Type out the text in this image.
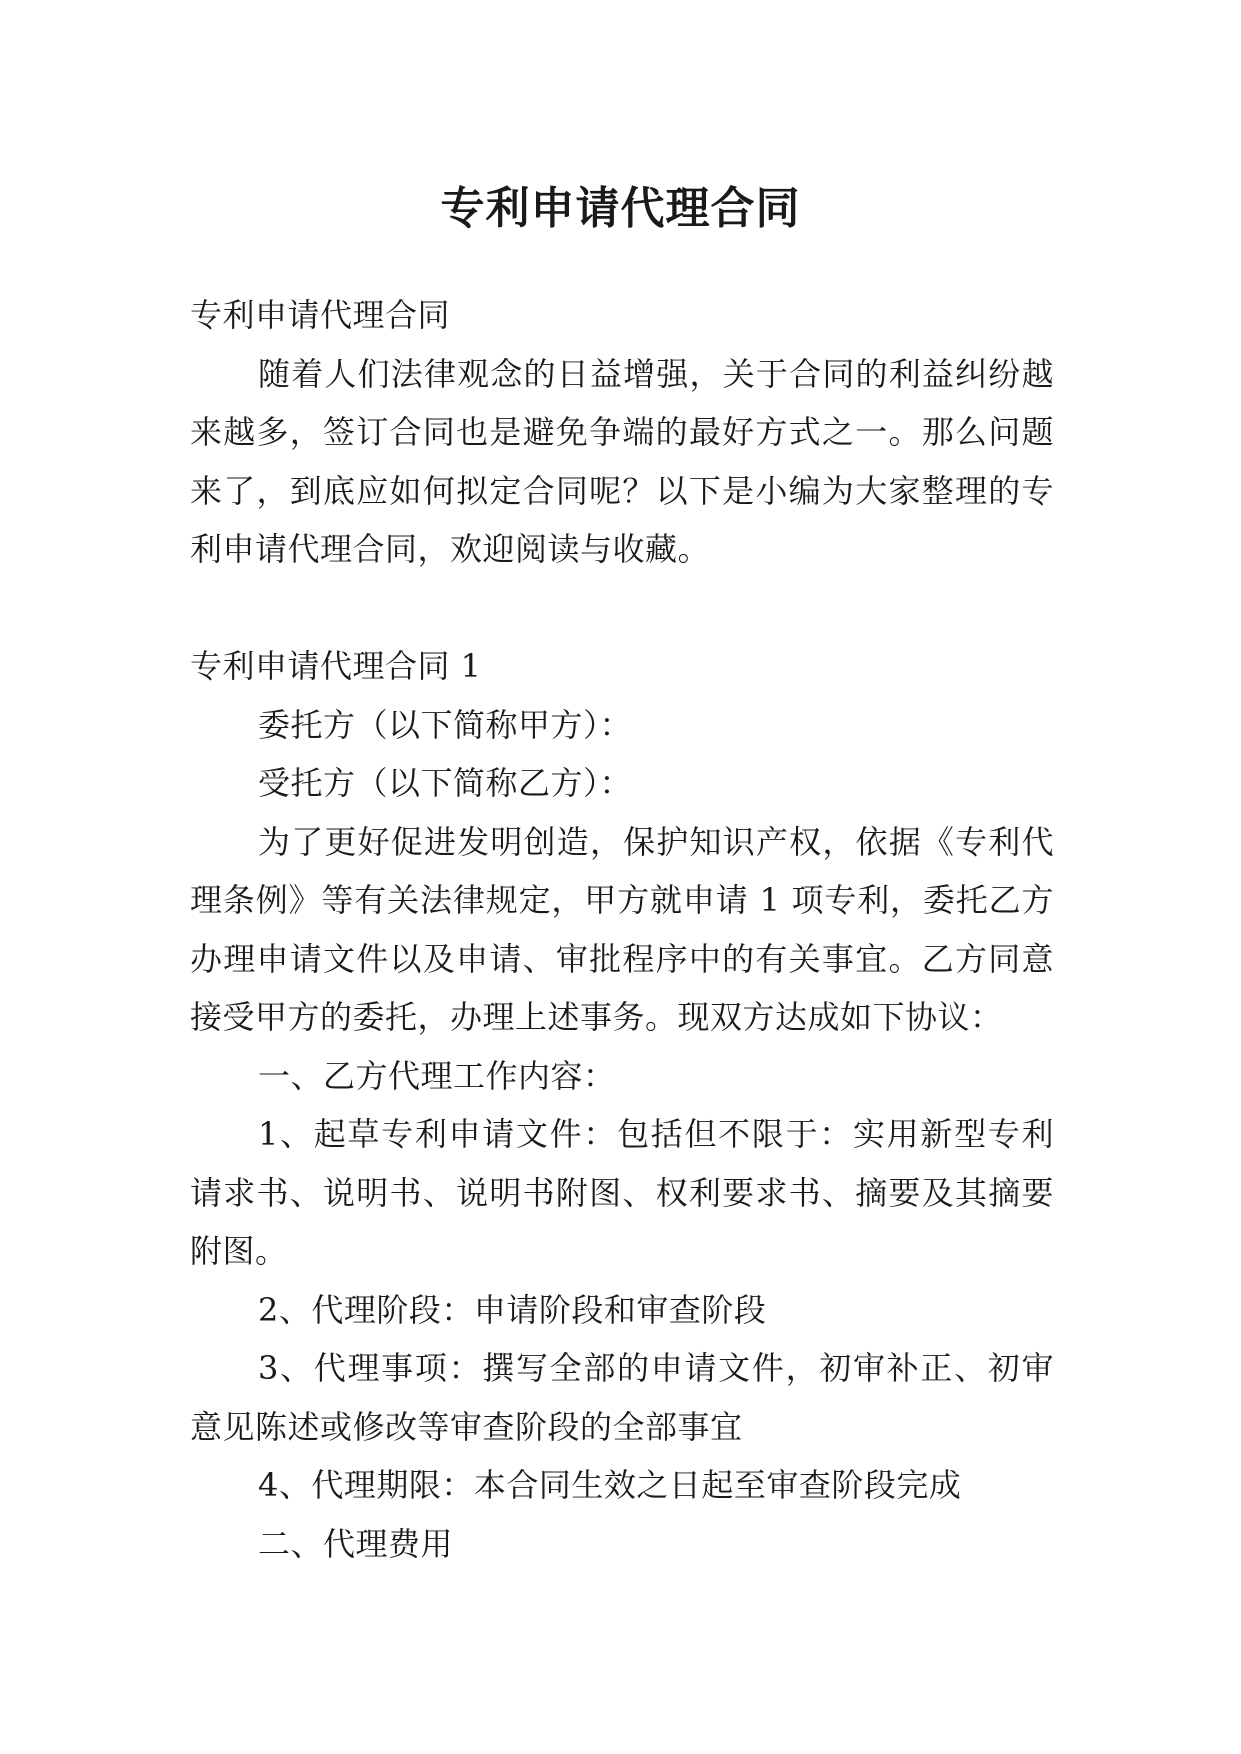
专利申请代理合同

专利申请代理合同

随着人们法律观念的日益增强，关于合同的利益纠纷越来越多，签订合同也是避免争端的最好方式之一。那么问题来了，到底应如何拟定合同呢？以下是小编为大家整理的专利申请代理合同，欢迎阅读与收藏。

专利申请代理合同 1

委托方（以下简称甲方）：

受托方（以下简称乙方）：

为了更好促进发明创造，保护知识产权，依据《专利代理条例》等有关法律规定，甲方就申请 1 项专利，委托乙方办理申请文件以及申请、审批程序中的有关事宜。乙方同意接受甲方的委托，办理上述事务。现双方达成如下协议：

一、乙方代理工作内容：

1、起草专利申请文件：包括但不限于：实用新型专利请求书、说明书、说明书附图、权利要求书、摘要及其摘要附图。

2、代理阶段：申请阶段和审查阶段

3、代理事项：撰写全部的申请文件，初审补正、初审意见陈述或修改等审查阶段的全部事宜

4、代理期限：本合同生效之日起至审查阶段完成

二、代理费用
